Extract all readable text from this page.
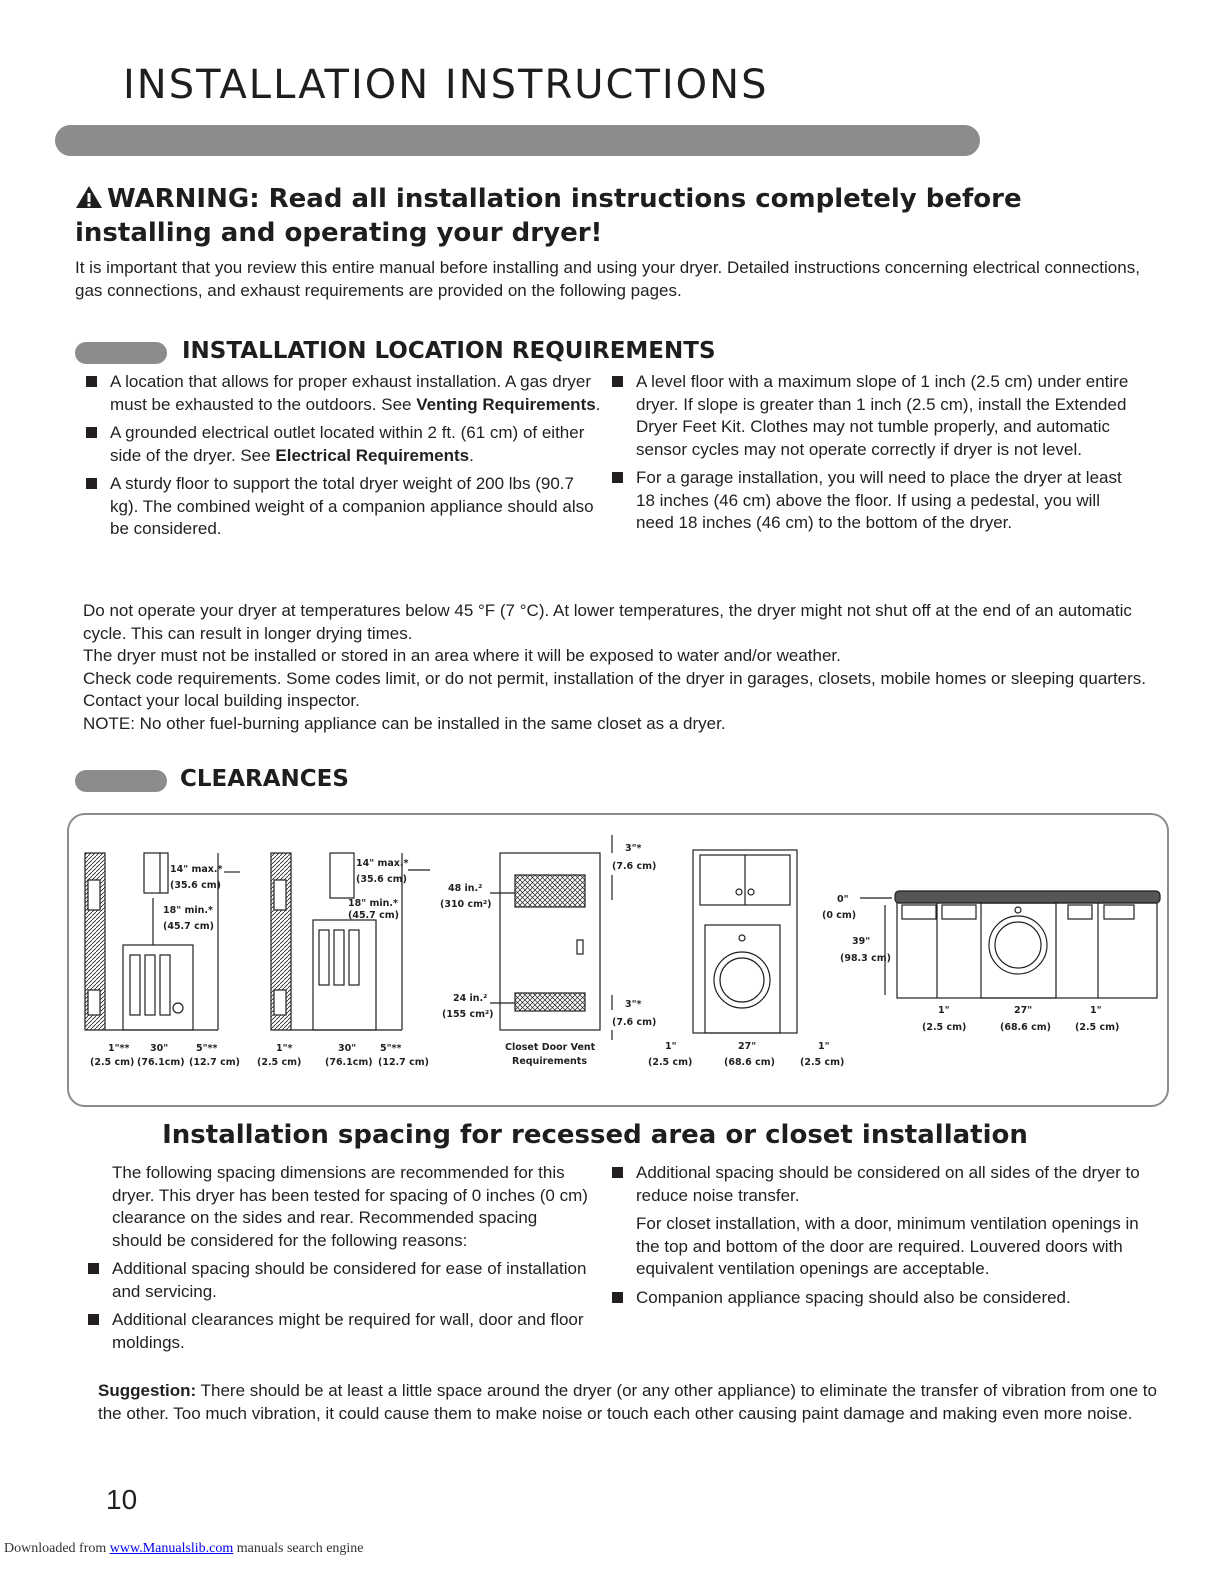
INSTALLATION INSTRUCTIONS
WARNING: Read all installation instructions completely before installing and operating your dryer!
It is important that you review this entire manual before installing and using your dryer. Detailed instructions concerning electrical connections, gas connections, and exhaust requirements are provided on the following pages.
INSTALLATION LOCATION REQUIREMENTS
A location that allows for proper exhaust installation. A gas dryer must be exhausted to the outdoors. See Venting Requirements.
A grounded electrical outlet located within 2 ft. (61 cm) of either side of the dryer. See Electrical Requirements.
A sturdy floor to support the total dryer weight of 200 lbs (90.7 kg). The combined weight of a companion appliance should also be considered.
A level floor with a maximum slope of 1 inch (2.5 cm) under entire dryer. If slope is greater than 1 inch (2.5 cm), install the Extended Dryer Feet Kit. Clothes may not tumble properly, and automatic sensor cycles may not operate correctly if dryer is not level.
For a garage installation, you will need to place the dryer at least 18 inches (46 cm) above the floor. If using a pedestal, you will need 18 inches (46 cm) to the bottom of the dryer.
Do not operate your dryer at temperatures below 45 °F (7 °C). At lower temperatures, the dryer might not shut off at the end of an automatic cycle. This can result in longer drying times.
The dryer must not be installed or stored in an area where it will be exposed to water and/or weather.
Check code requirements. Some codes limit, or do not permit, installation of the dryer in garages, closets, mobile homes or sleeping quarters. Contact your local building inspector.
NOTE: No other fuel-burning appliance can be installed in the same closet as a dryer.
CLEARANCES
14" max.*
(35.6 cm)
18" min.*
(45.7 cm)
1"** 30"	5"**
(2.5 cm) (76.1cm) (12.7 cm)
14" max.*
(35.6 cm)
18" min.*
(45.7 cm)
1"*	30"	5"**
(2.5 cm) (76.1cm) (12.7 cm)
3"*
(7.6 cm)
48 in.²
(310 cm²)
24 in.²
(155 cm²)
3"*
(7.6 cm)
Closet Door Vent
Requirements
1"	27"	1"
(2.5 cm)	(68.6 cm)	(2.5 cm)
0"
(0 cm)
39"
(98.3 cm)
1"	27"	1"
(2.5 cm)	(68.6 cm)	(2.5 cm)
Installation spacing for recessed area or closet installation
The following spacing dimensions are recommended for this dryer. This dryer has been tested for spacing of 0 inches (0 cm) clearance on the sides and rear. Recommended spacing should be considered for the following reasons:
Additional spacing should be considered for ease of installation and servicing.
Additional clearances might be required for wall, door and floor moldings.
Additional spacing should be considered on all sides of the dryer to reduce noise transfer.
For closet installation, with a door, minimum ventilation openings in the top and bottom of the door are required. Louvered doors with equivalent ventilation openings are acceptable.
Companion appliance spacing should also be considered.
Suggestion: There should be at least a little space around the dryer (or any other appliance) to eliminate the transfer of vibration from one to the other. Too much vibration, it could cause them to make noise or touch each other causing paint damage and making even more noise.
10
Downloaded from www.Manualslib.com manuals search engine
